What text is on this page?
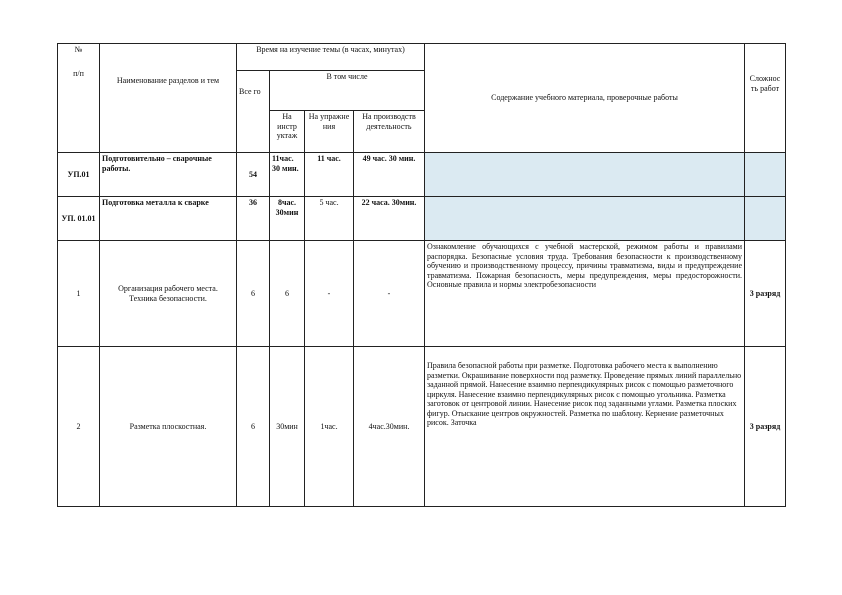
№
п/п	Наименование разделов и тем	Время на изучение темы (в часах, минутах)				Содержание учебного материала, проверочные работы	Сложнос ть работ
		Все го	В том числе				
			На инстр уктаж	На упражне ния	На производств деятельность		

УП.01	Подготовительно – сварочные работы.	54	11час. 30 мин.	11 час.	49 час. 30 мин.		
УП. 01.01	Подготовка металла к сварке	36	8час. 30мин	5 час.	22 часа. 30мин.		
1	Организация рабочего места. Техника безопасности.	6	6	-	-	Ознакомление обучающихся с учебной мастерской, режимом работы и правилами распорядка. Безопасные условия труда. Требования безопасности к производственному обучению и производственному процессу, причины травматизма, виды и предупреждение травматизма. Пожарная безопасность, меры предупреждения, меры предосторожности. Основные правила и нормы электробезопасности	3 разряд
2	Разметка плоскостная.	6	30мин	1час.	4час.30мин.	Правила безопасной работы при разметке. Подготовка рабочего места к выполнению разметки. Окрашивание поверхности под разметку. Проведение прямых линий параллельно заданной прямой. Нанесение взаимно перпендикулярных рисок с помощью разметочного циркуля. Нанесение взаимно перпендикулярных рисок с помощью угольника. Разметка заготовок от центровой линии. Нанесение рисок под заданными углами. Разметка плоских фигур. Отыскание центров окружностей. Разметка по шаблону. Кернение разметочных рисок. Заточка	3 разряд
